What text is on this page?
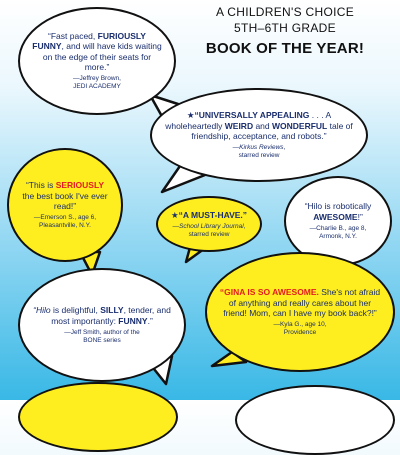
A CHILDREN'S CHOICE
5TH–6TH GRADE
BOOK OF THE YEAR!
“Fast paced, FURIOUSLY FUNNY, and will have kids waiting on the edge of their seats for more.”
—Jeffrey Brown,
JEDI ACADEMY
★“UNIVERSALLY APPEALING . . . A wholeheartedly WEIRD and WONDERFUL tale of friendship, acceptance, and robots.”
—Kirkus Reviews,
starred review
“This is SERIOUSLY the best book I've ever read!”
—Emerson S., age 6,
Pleasantville, N.Y.
★“A MUST-HAVE.”
—School Library Journal,
starred review
“Hilo is robotically AWESOME!”
—Charlie B., age 8,
Armonk, N.Y.
“Hilo is delightful, SILLY, tender, and most importantly: FUNNY.”
—Jeff Smith, author of the
BONE series
“GINA IS SO AWESOME. She's not afraid of anything and really cares about her friend! Mom, can I have my book back?!”
—Kyla G., age 10,
Providence
